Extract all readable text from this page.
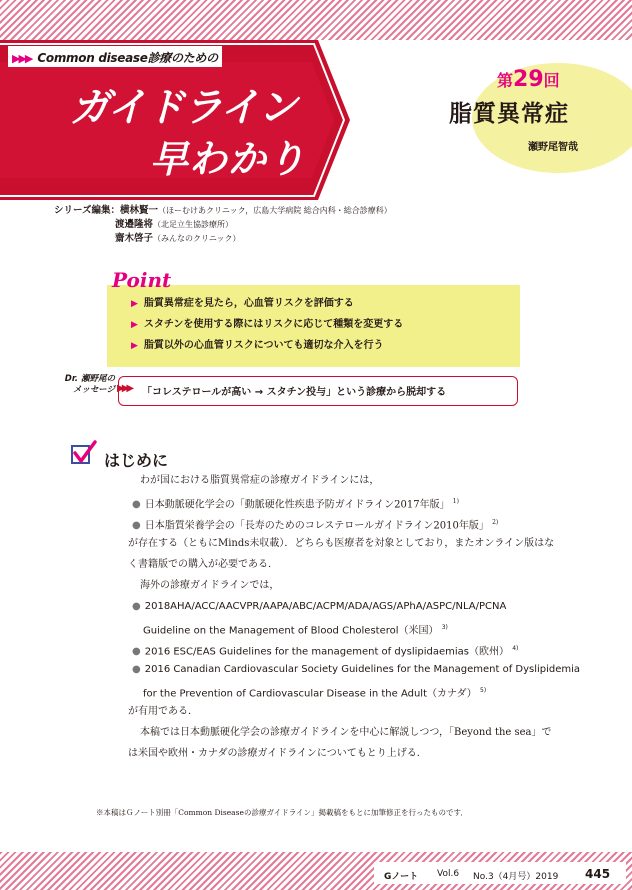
▶▶▶ Common disease診療のための
ガイドライン
早わかり
第29回
脂質異常症
瀬野尾智哉
シリーズ編集：横林賢一（ほーむけあクリニック，広島大学病院 総合内科・総合診療科）
渡邉隆将（北足立生協診療所）
齋木啓子（みんなのクリニック）
Point
▶ 脂質異常症を見たら，心血管リスクを評価する
▶ スタチンを使用する際にはリスクに応じて種類を変更する
▶ 脂質以外の心血管リスクについても適切な介入を行う
Dr. 瀬野尾の
メッセージ ▶▶▶ 「コレステロールが高い → スタチン投与」という診療から脱却する
はじめに
わが国における脂質異常症の診療ガイドラインには，
● 日本動脈硬化学会の「動脈硬化性疾患予防ガイドライン2017年版」 $^{1)}$
● 日本脂質栄養学会の「長寿のためのコレステロールガイドライン2010年版」 $^{2)}$
が存在する（ともにMinds未収載）．どちらも医療者を対象としており，またオンライン版はな
く書籍版での購入が必要である．
海外の診療ガイドラインでは，
● 2018AHA/ACC/AACVPR/AAPA/ABC/ACPM/ADA/AGS/APhA/ASPC/NLA/PCNA
Guideline on the Management of Blood Cholesterol（米国） $^{3)}$
● 2016 ESC/EAS Guidelines for the management of dyslipidaemias（欧州） $^{4)}$
● 2016 Canadian Cardiovascular Society Guidelines for the Management of Dyslipidemia
for the Prevention of Cardiovascular Disease in the Adult（カナダ） $^{5)}$
が有用である．
本稿では日本動脈硬化学会の診療ガイドラインを中心に解説しつつ，「Beyond the sea」で
は米国や欧州・カナダの診療ガイドラインについてもとり上げる．
※本稿はＧノート別冊「Common Diseaseの診療ガイドライン」掲載稿をもとに加筆修正を行ったものです．
Gノート Vol.6 No.3（4月号）2019 445
